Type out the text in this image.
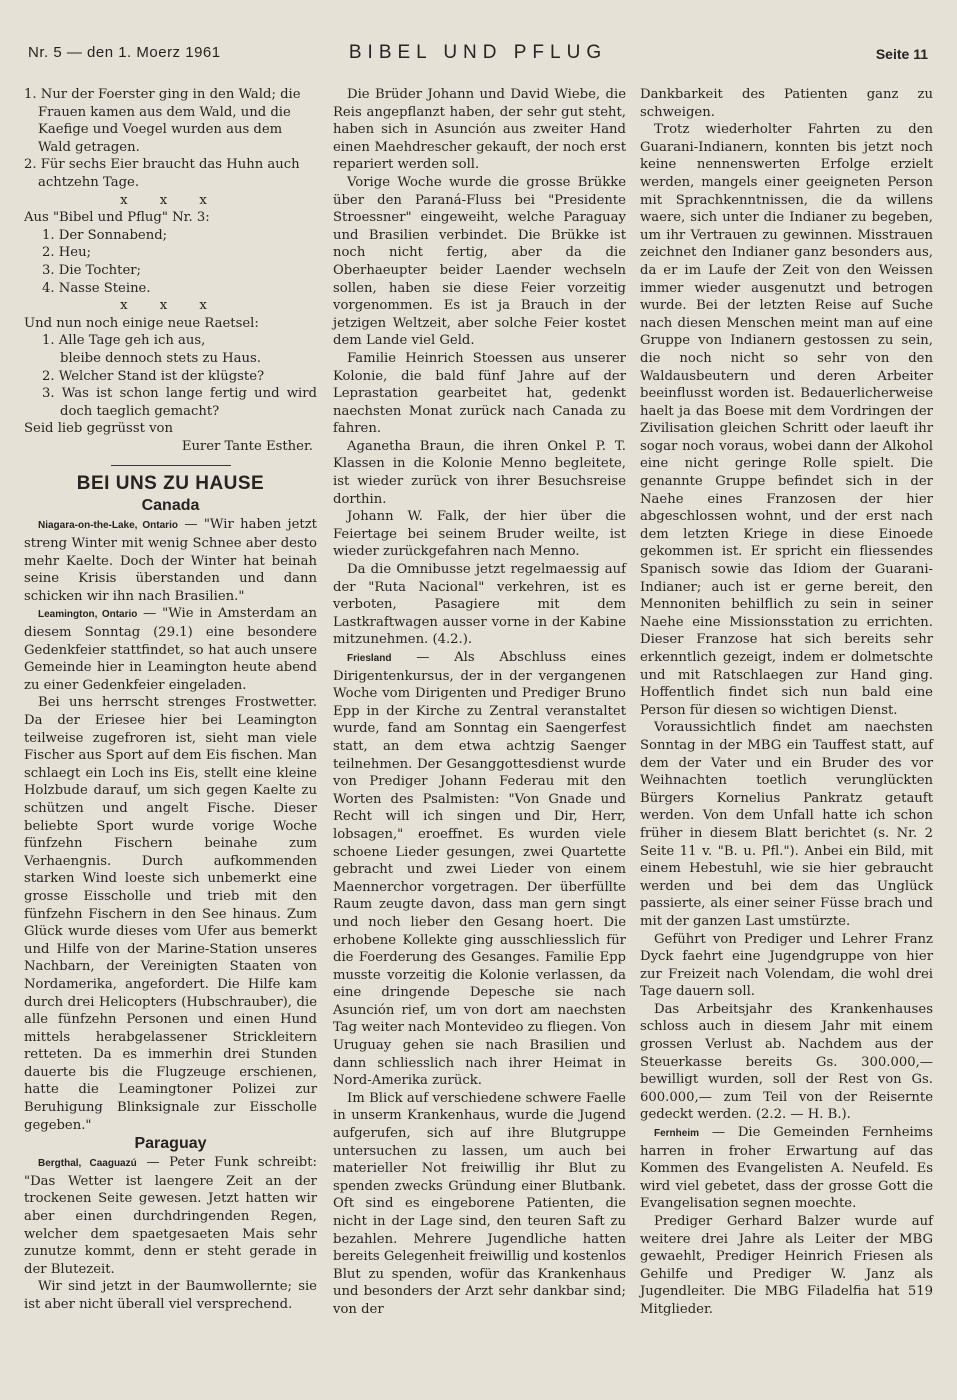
Nr. 5 — den 1. Moerz 1961	BIBEL UND PFLUG	Seite 11

1. Nur der Foerster ging in den Wald; die Frauen kamen aus dem Wald, und die Kaefige und Voegel wurden aus dem Wald getragen.

2. Für sechs Eier braucht das Huhn auch achtzehn Tage.

x x x

Aus "Bibel und Pflug" Nr. 3:

1. Der Sonnabend;

2. Heu;

3. Die Tochter;

4. Nasse Steine.

x x x

Und nun noch einige neue Raetsel:

1. Alle Tage geh ich aus,

bleibe dennoch stets zu Haus.

2. Welcher Stand ist der klügste?

3. Was ist schon lange fertig und wird doch taeglich gemacht?

Seid lieb gegrüsst von

Eurer Tante Esther.

BEI UNS ZU HAUSE
Canada

Niagara-on-the-Lake, Ontario — "Wir haben jetzt streng Winter mit wenig Schnee aber desto mehr Kaelte. Doch der Winter hat beinah seine Krisis überstanden und dann schicken wir ihn nach Brasilien."

Leamington, Ontario — "Wie in Amsterdam an diesem Sonntag (29.1) eine besondere Gedenkfeier stattfindet, so hat auch unsere Gemeinde hier in Leamington heute abend zu einer Gedenkfeier eingeladen.

Bei uns herrscht strenges Frostwetter. Da der Eriesee hier bei Leamington teilweise zugefroren ist, sieht man viele Fischer aus Sport auf dem Eis fischen. Man schlaegt ein Loch ins Eis, stellt eine kleine Holzbude darauf, um sich gegen Kaelte zu schützen und angelt Fische. Dieser beliebte Sport wurde vorige Woche fünfzehn Fischern beinahe zum Verhaengnis. Durch aufkommenden starken Wind loeste sich unbemerkt eine grosse Eisscholle und trieb mit den fünfzehn Fischern in den See hinaus. Zum Glück wurde dieses vom Ufer aus bemerkt und Hilfe von der Marine-Station unseres Nachbarn, der Vereinigten Staaten von Nordamerika, angefordert. Die Hilfe kam durch drei Helicopters (Hubschrauber), die alle fünfzehn Personen und einen Hund mittels herabgelassener Strickleitern retteten. Da es immerhin drei Stunden dauerte bis die Flugzeuge erschienen, hatte die Leamingtoner Polizei zur Beruhigung Blinksignale zur Eisscholle gegeben."

Paraguay

Bergthal, Caaguazú — Peter Funk schreibt: "Das Wetter ist laengere Zeit an der trockenen Seite gewesen. Jetzt hatten wir aber einen durchdringenden Regen, welcher dem spaetgesaeten Mais sehr zunutze kommt, denn er steht gerade in der Blutezeit.

Wir sind jetzt in der Baumwollernte; sie ist aber nicht überall viel versprechend.

Die Brüder Johann und David Wiebe, die Reis angepflanzt haben, der sehr gut steht, haben sich in Asunción aus zweiter Hand einen Maehdrescher gekauft, der noch erst repariert werden soll.

Vorige Woche wurde die grosse Brükke über den Paraná-Fluss bei "Presidente Stroessner" eingeweiht, welche Paraguay und Brasilien verbindet. Die Brükke ist noch nicht fertig, aber da die Oberhaeupter beider Laender wechseln sollen, haben sie diese Feier vorzeitig vorgenommen. Es ist ja Brauch in der jetzigen Weltzeit, aber solche Feier kostet dem Lande viel Geld.

Familie Heinrich Stoessen aus unserer Kolonie, die bald fünf Jahre auf der Leprastation gearbeitet hat, gedenkt naechsten Monat zurück nach Canada zu fahren.

Aganetha Braun, die ihren Onkel P. T. Klassen in die Kolonie Menno begleitete, ist wieder zurück von ihrer Besuchsreise dorthin.

Johann W. Falk, der hier über die Feiertage bei seinem Bruder weilte, ist wieder zurückgefahren nach Menno.

Da die Omnibusse jetzt regelmaessig auf der "Ruta Nacional" verkehren, ist es verboten, Pasagiere mit dem Lastkraftwagen ausser vorne in der Kabine mitzunehmen. (4.2.).

Friesland — Als Abschluss eines Dirigentenkursus, der in der vergangenen Woche vom Dirigenten und Prediger Bruno Epp in der Kirche zu Zentral veranstaltet wurde, fand am Sonntag ein Saengerfest statt, an dem etwa achtzig Saenger teilnehmen. Der Gesanggottesdienst wurde von Prediger Johann Federau mit den Worten des Psalmisten: "Von Gnade und Recht will ich singen und Dir, Herr, lobsagen," eroeffnet. Es wurden viele schoene Lieder gesungen, zwei Quartette gebracht und zwei Lieder von einem Maennerchor vorgetragen. Der überfüllte Raum zeugte davon, dass man gern singt und noch lieber den Gesang hoert. Die erhobene Kollekte ging ausschliesslich für die Foerderung des Gesanges. Familie Epp musste vorzeitig die Kolonie verlassen, da eine dringende Depesche sie nach Asunción rief, um von dort am naechsten Tag weiter nach Montevideo zu fliegen. Von Uruguay gehen sie nach Brasilien und dann schliesslich nach ihrer Heimat in Nord-Amerika zurück.

Im Blick auf verschiedene schwere Faelle in unserm Krankenhaus, wurde die Jugend aufgerufen, sich auf ihre Blutgruppe untersuchen zu lassen, um auch bei materieller Not freiwillig ihr Blut zu spenden zwecks Gründung einer Blutbank. Oft sind es eingeborene Patienten, die nicht in der Lage sind, den teuren Saft zu bezahlen. Mehrere Jugendliche hatten bereits Gelegenheit freiwillig und kostenlos Blut zu spenden, wofür das Krankenhaus und besonders der Arzt sehr dankbar sind; von der

Dankbarkeit des Patienten ganz zu schweigen.

Trotz wiederholter Fahrten zu den Guarani-Indianern, konnten bis jetzt noch keine nennenswerten Erfolge erzielt werden, mangels einer geeigneten Person mit Sprachkenntnissen, die da willens waere, sich unter die Indianer zu begeben, um ihr Vertrauen zu gewinnen. Misstrauen zeichnet den Indianer ganz besonders aus, da er im Laufe der Zeit von den Weissen immer wieder ausgenutzt und betrogen wurde. Bei der letzten Reise auf Suche nach diesen Menschen meint man auf eine Gruppe von Indianern gestossen zu sein, die noch nicht so sehr von den Waldausbeutern und deren Arbeiter beeinflusst worden ist. Bedauerlicherweise haelt ja das Boese mit dem Vordringen der Zivilisation gleichen Schritt oder laeuft ihr sogar noch voraus, wobei dann der Alkohol eine nicht geringe Rolle spielt. Die genannte Gruppe befindet sich in der Naehe eines Franzosen der hier abgeschlossen wohnt, und der erst nach dem letzten Kriege in diese Einoede gekommen ist. Er spricht ein fliessendes Spanisch sowie das Idiom der Guarani-Indianer; auch ist er gerne bereit, den Mennoniten behilflich zu sein in seiner Naehe eine Missionsstation zu errichten. Dieser Franzose hat sich bereits sehr erkenntlich gezeigt, indem er dolmetschte und mit Ratschlaegen zur Hand ging. Hoffentlich findet sich nun bald eine Person für diesen so wichtigen Dienst.

Voraussichtlich findet am naechsten Sonntag in der MBG ein Tauffest statt, auf dem der Vater und ein Bruder des vor Weihnachten toetlich verunglückten Bürgers Kornelius Pankratz getauft werden. Von dem Unfall hatte ich schon früher in diesem Blatt berichtet (s. Nr. 2 Seite 11 v. "B. u. Pfl."). Anbei ein Bild, mit einem Hebestuhl, wie sie hier gebraucht werden und bei dem das Unglück passierte, als einer seiner Füsse brach und mit der ganzen Last umstürzte.

Geführt von Prediger und Lehrer Franz Dyck faehrt eine Jugendgruppe von hier zur Freizeit nach Volendam, die wohl drei Tage dauern soll.

Das Arbeitsjahr des Krankenhauses schloss auch in diesem Jahr mit einem grossen Verlust ab. Nachdem aus der Steuerkasse bereits Gs. 300.000,— bewilligt wurden, soll der Rest von Gs. 600.000,— zum Teil von der Reisernte gedeckt werden. (2.2. — H. B.).

Fernheim — Die Gemeinden Fernheims harren in froher Erwartung auf das Kommen des Evangelisten A. Neufeld. Es wird viel gebetet, dass der grosse Gott die Evangelisation segnen moechte.

Prediger Gerhard Balzer wurde auf weitere drei Jahre als Leiter der MBG gewaehlt, Prediger Heinrich Friesen als Gehilfe und Prediger W. Janz als Jugendleiter. Die MBG Filadelfia hat 519 Mitglieder.
